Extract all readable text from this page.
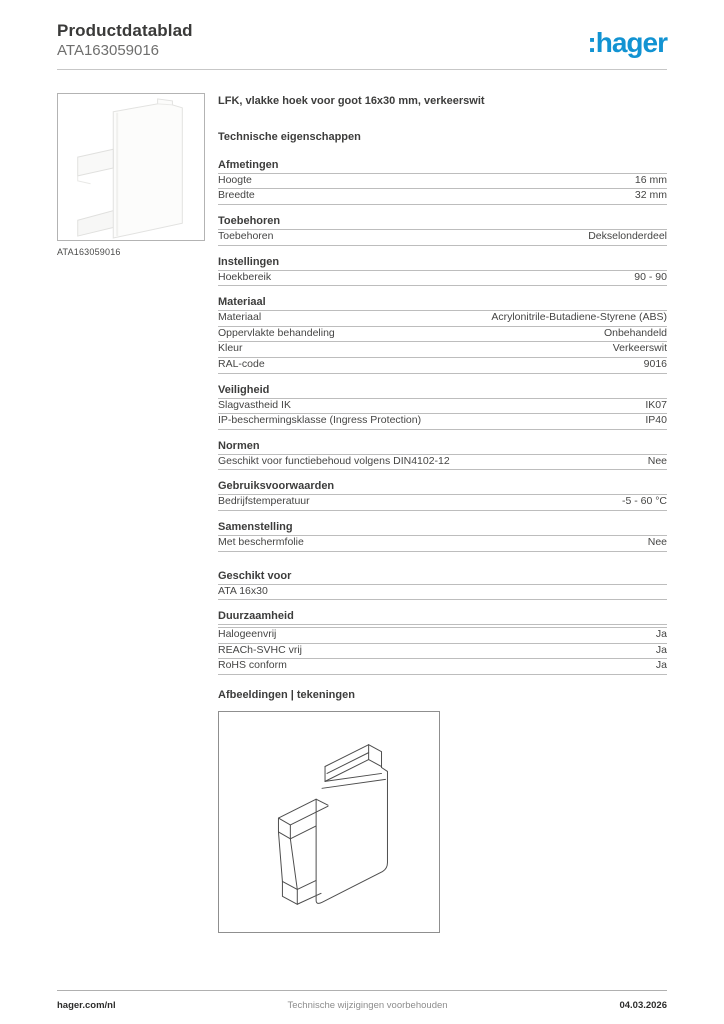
Productdatablad
ATA163059016	:hager
ATA163059016
LFK, vlakke hoek voor goot 16x30 mm, verkeerswit
Technische eigenschappen
Afmetingen
Hoogte	16 mm
Breedte	32 mm
Toebehoren
Toebehoren	Dekselonderdeel
Instellingen
Hoekbereik	90 - 90
Materiaal
Materiaal	Acrylonitrile-Butadiene-Styrene (ABS)
Oppervlakte behandeling	Onbehandeld
Kleur	Verkeerswit
RAL-code	9016
Veiligheid
Slagvastheid IK	IK07
IP-beschermingsklasse (Ingress Protection)	IP40
Normen
Geschikt voor functiebehoud volgens DIN4102-12	Nee
Gebruiksvoorwaarden
Bedrijfstemperatuur	-5 - 60 °C
Samenstelling
Met beschermfolie	Nee
Geschikt voor
ATA 16x30
Duurzaamheid
Halogeenvrij	Ja
REACh-SVHC vrij	Ja
RoHS conform	Ja
Afbeeldingen | tekeningen
hager.com/nl	Technische wijzigingen voorbehouden	04.03.2026
